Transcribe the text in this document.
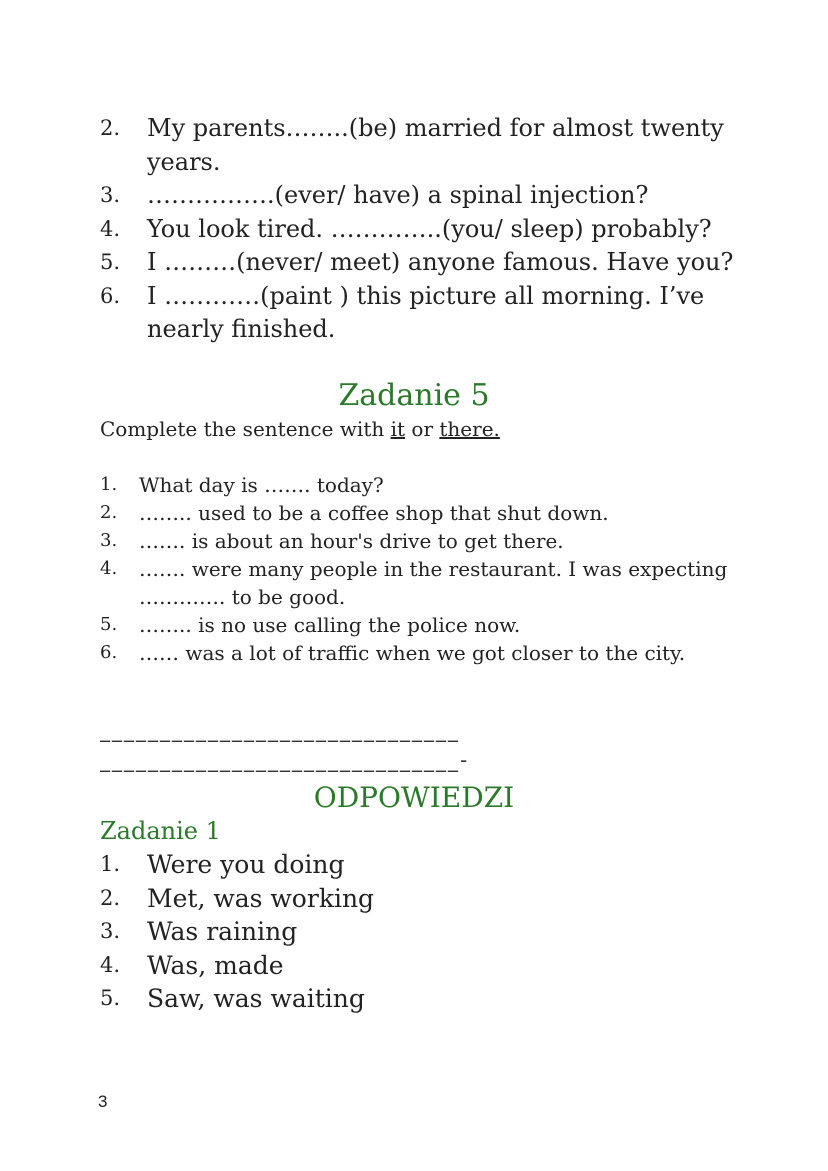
2.	My parents……..(be) married for almost twenty years.
3.	…………….(ever/ have) a spinal injection?
4.	You look tired. …………..(you/ sleep) probably?
5.	I ………(never/ meet) anyone famous. Have you?
6.	I …………(paint ) this picture all morning. I’ve nearly finished.
Zadanie 5
Complete the sentence with it or there.
1.	What day is ……. today?
2.	…….. used to be a coffee shop that shut down.
3.	……. is about an hour's drive to get there.
4.	……. were many people in the restaurant. I was expecting …………. to be good.
5.	…….. is no use calling the police now.
6.	…… was a lot of traffic when we got closer to the city.
______________________________
______________________________-
ODPOWIEDZI
Zadanie 1
1.	Were you doing
2.	Met, was working
3.	Was raining
4.	Was, made
5.	Saw, was waiting
3
